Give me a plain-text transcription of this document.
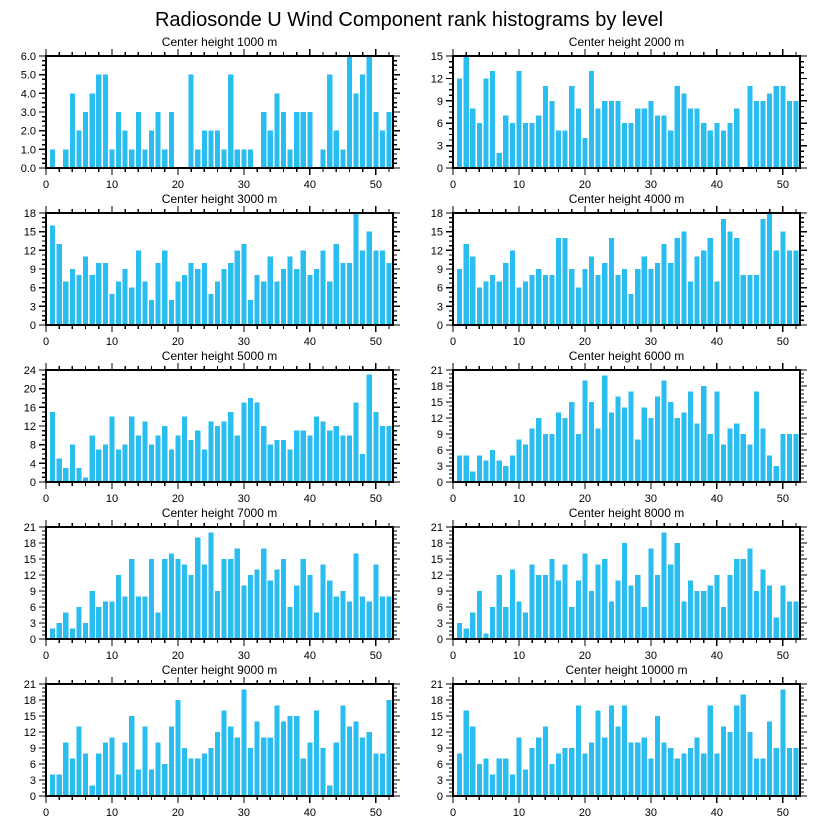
Radiosonde U Wind Component rank histograms by level
Center height 1000 m
0.0
1.0
2.0
3.0
4.0
5.0
6.0
0	10	20	30	40	50
Center height 2000 m
0
3
6
9
12
15
0	10	20	30	40	50
Center height 3000 m
0
3
6
9
12
15
18
0	10	20	30	40	50
Center height 4000 m
0
3
6
9
12
15
18
0	10	20	30	40	50
Center height 5000 m
0
4
8
12
16
20
24
0	10	20	30	40	50
Center height 6000 m
0
3
6
9
12
15
18
21
0	10	20	30	40	50
Center height 7000 m
0
3
6
9
12
15
18
21
0	10	20	30	40	50
Center height 8000 m
0
3
6
9
12
15
18
21
0	10	20	30	40	50
Center height 9000 m
0
3
6
9
12
15
18
21
0	10	20	30	40	50
Center height 10000 m
0
3
6
9
12
15
18
21
0	10	20	30	40	50
